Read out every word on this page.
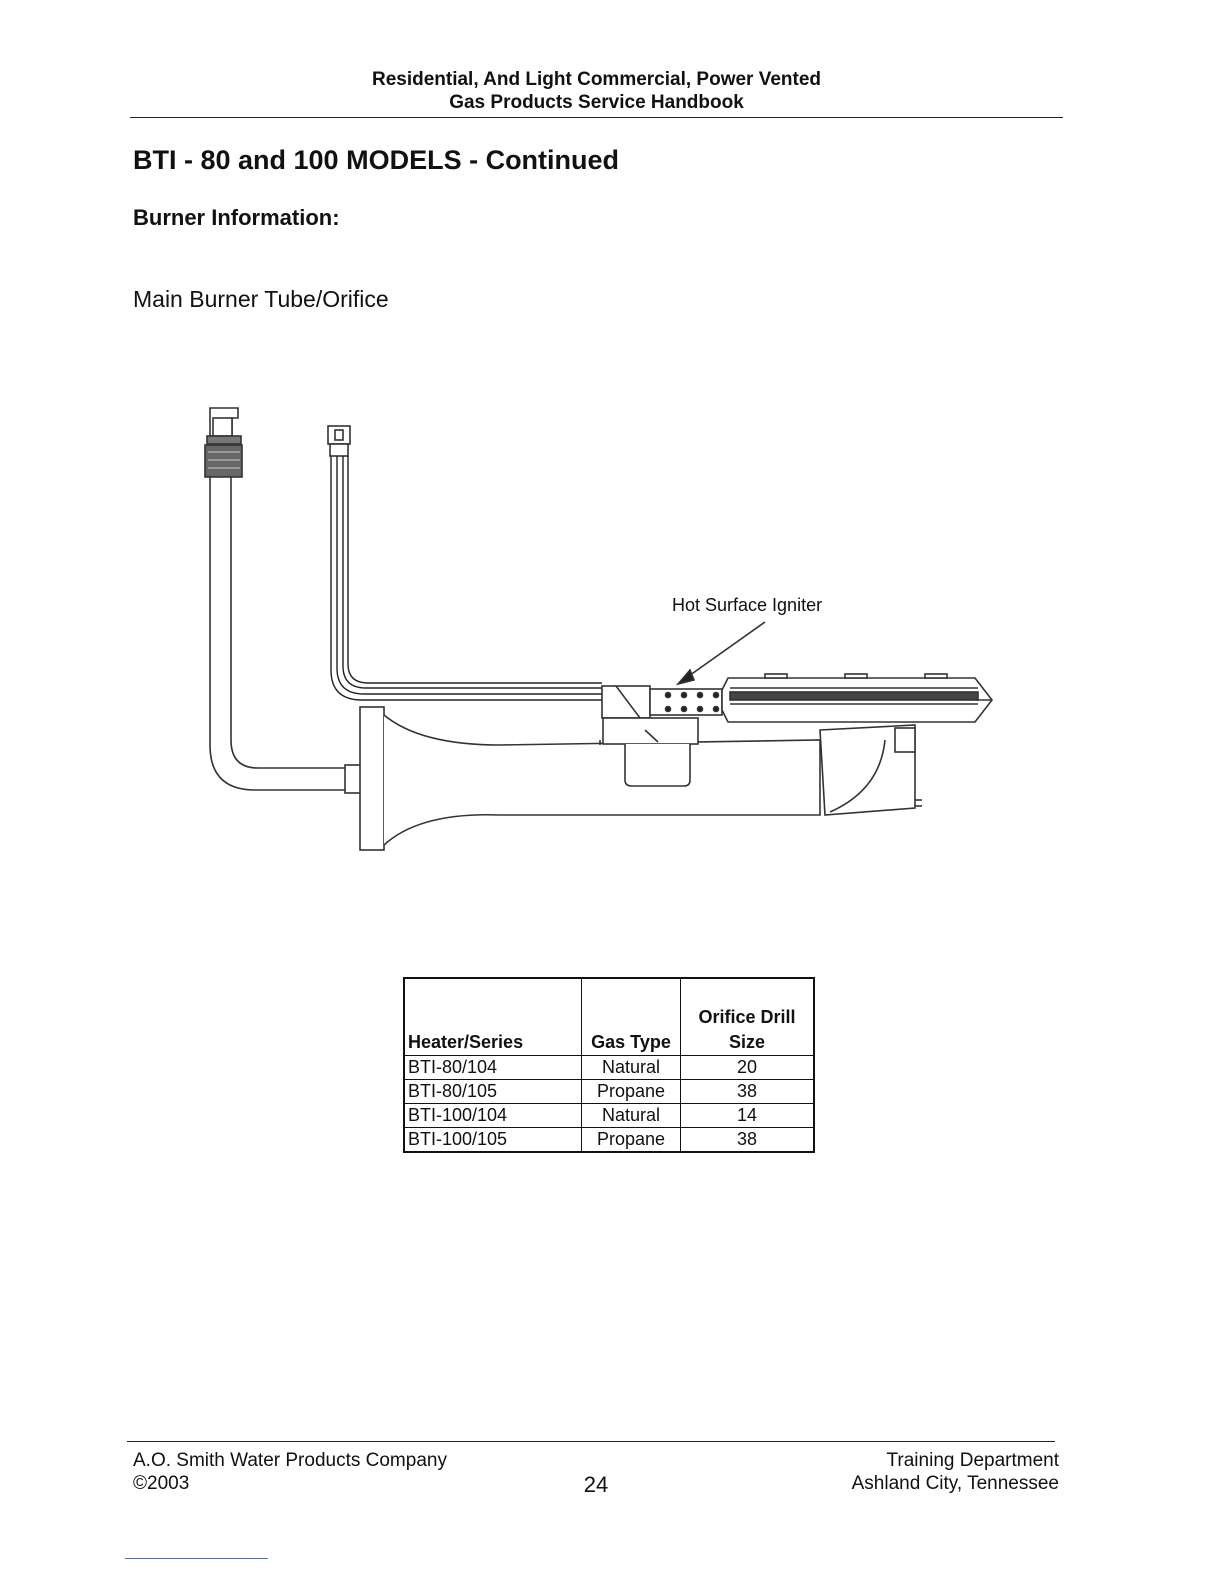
Residential, And Light Commercial, Power Vented
Gas Products Service Handbook
BTI - 80 and 100 MODELS - Continued
Burner Information:
Main Burner Tube/Orifice
Hot Surface Igniter
Heater/Series	Gas Type	Orifice Drill
Size
BTI-80/104	Natural	20
BTI-80/105	Propane	38
BTI-100/104	Natural	14
BTI-100/105	Propane	38
A.O. Smith Water Products Company
©2003	24
Training Department
Ashland City, Tennessee
